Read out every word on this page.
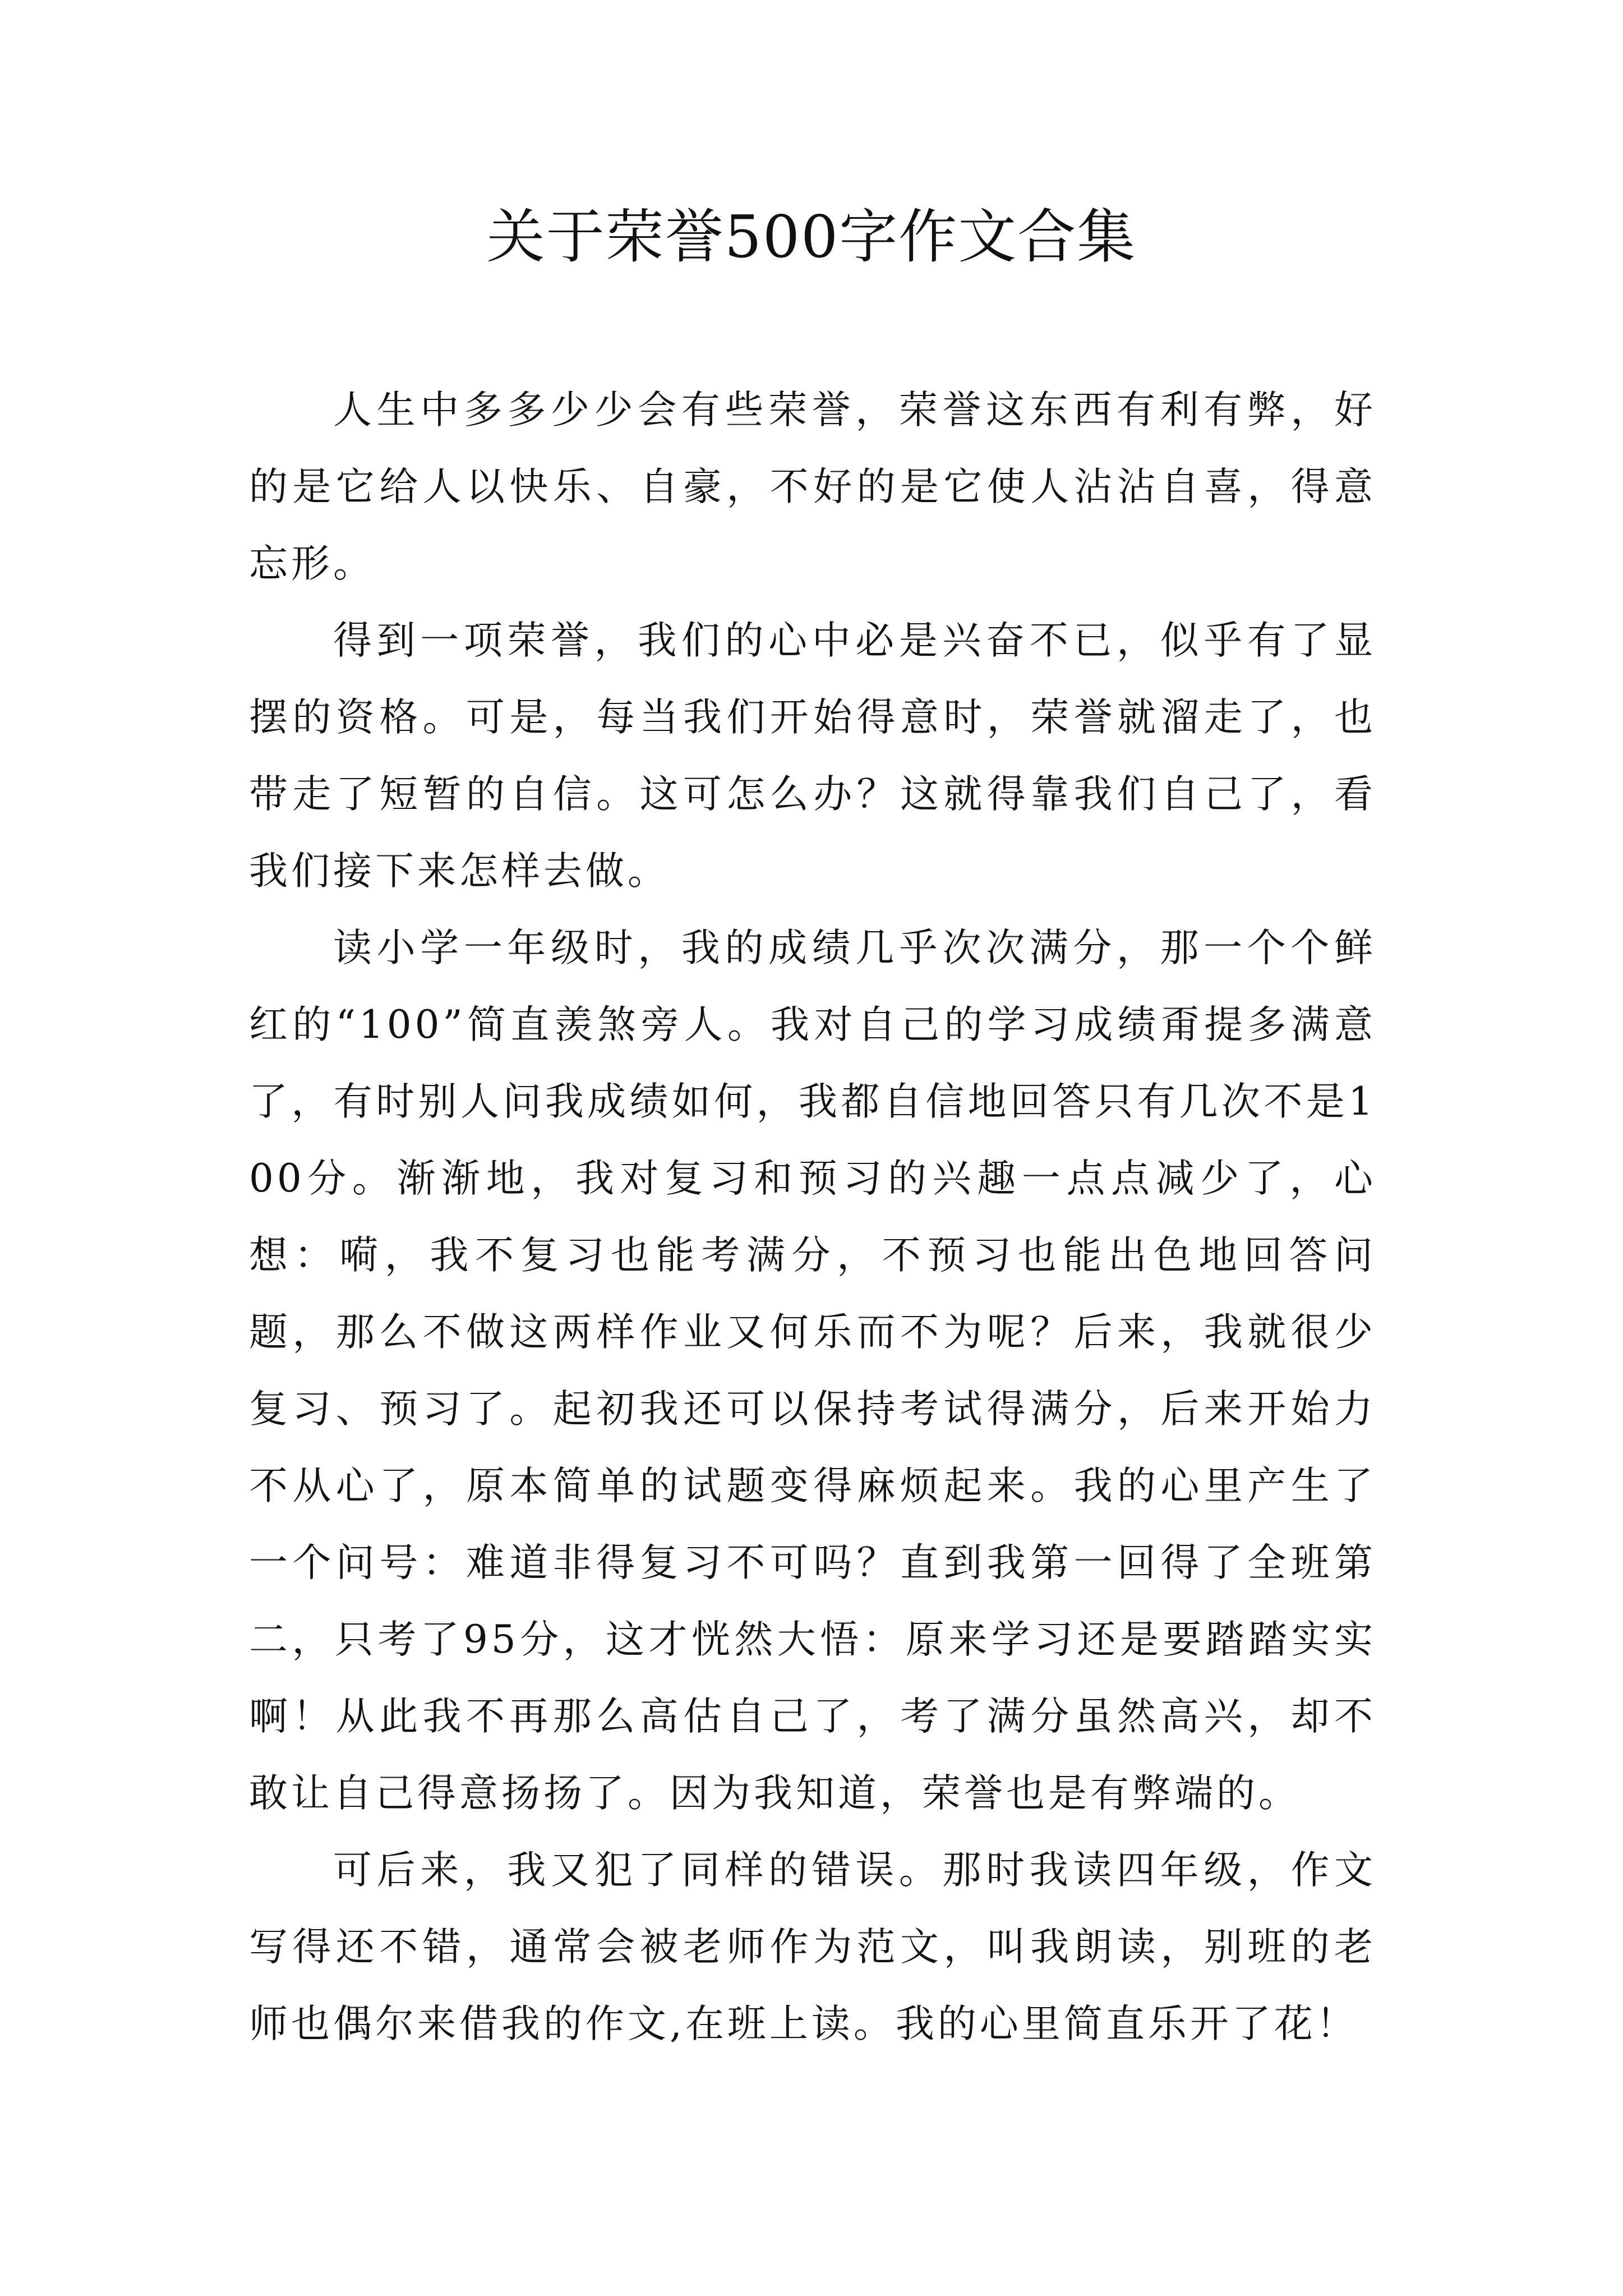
关于荣誉500字作文合集

人生中多多少少会有些荣誉，荣誉这东西有利有弊，好的是它给人以快乐、自豪，不好的是它使人沾沾自喜，得意忘形。

得到一项荣誉，我们的心中必是兴奋不已，似乎有了显摆的资格。可是，每当我们开始得意时，荣誉就溜走了，也带走了短暂的自信。这可怎么办？这就得靠我们自己了，看我们接下来怎样去做。

读小学一年级时，我的成绩几乎次次满分，那一个个鲜红的“100”简直羡煞旁人。我对自己的学习成绩甭提多满意了，有时别人问我成绩如何，我都自信地回答只有几次不是100分。渐渐地，我对复习和预习的兴趣一点点减少了，心想：嗬，我不复习也能考满分，不预习也能出色地回答问题，那么不做这两样作业又何乐而不为呢？后来，我就很少复习、预习了。起初我还可以保持考试得满分，后来开始力不从心了，原本简单的试题变得麻烦起来。我的心里产生了一个问号：难道非得复习不可吗？直到我第一回得了全班第二，只考了95分，这才恍然大悟：原来学习还是要踏踏实实啊！从此我不再那么高估自己了，考了满分虽然高兴，却不敢让自己得意扬扬了。因为我知道，荣誉也是有弊端的。

可后来，我又犯了同样的错误。那时我读四年级，作文写得还不错，通常会被老师作为范文，叫我朗读，别班的老师也偶尔来借我的作文,在班上读。我的心里简直乐开了花！
